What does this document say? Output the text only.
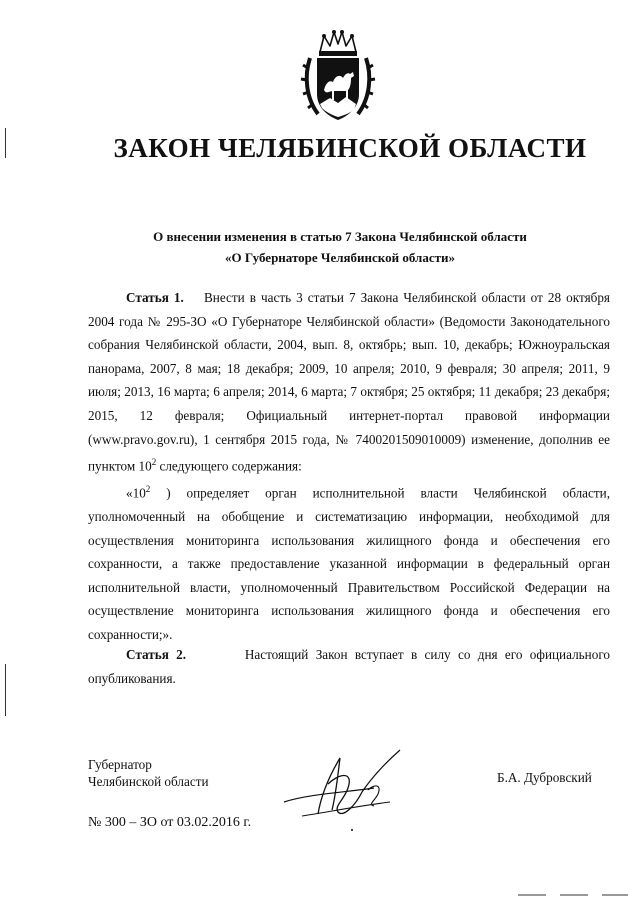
ЗАКОН ЧЕЛЯБИНСКОЙ ОБЛАСТИ
О внесении изменения в статью 7 Закона Челябинской области
«О Губернаторе Челябинской области»
Статья 1. Внести в часть 3 статьи 7 Закона Челябинской области от 28 октября 2004 года № 295-ЗО «О Губернаторе Челябинской области» (Ведомости Законодательного собрания Челябинской области, 2004, вып. 8, октябрь; вып. 10, декабрь; Южноуральская панорама, 2007, 8 мая; 18 декабря; 2009, 10 апреля; 2010, 9 февраля; 30 апреля; 2011, 9 июля; 2013, 16 марта; 6 апреля; 2014, 6 марта; 7 октября; 25 октября; 11 декабря; 23 декабря; 2015, 12 февраля; Официальный интернет-портал правовой информации (www.pravo.gov.ru), 1 сентября 2015 года, № 7400201509010009) изменение, дополнив ее пунктом $10^2$ следующего содержания:
«$10^2$ ) определяет орган исполнительной власти Челябинской области, уполномоченный на обобщение и систематизацию информации, необходимой для осуществления мониторинга использования жилищного фонда и обеспечения его сохранности, а также предоставление указанной информации в федеральный орган исполнительной власти, уполномоченный Правительством Российской Федерации на осуществление мониторинга использования жилищного фонда и обеспечения его сохранности;».
Статья 2.	Настоящий Закон вступает в силу со дня его официального опубликования.
Губернатор
Челябинской области	Б.А. Дубровский
№ 300 – ЗО от 03.02.2016 г.
